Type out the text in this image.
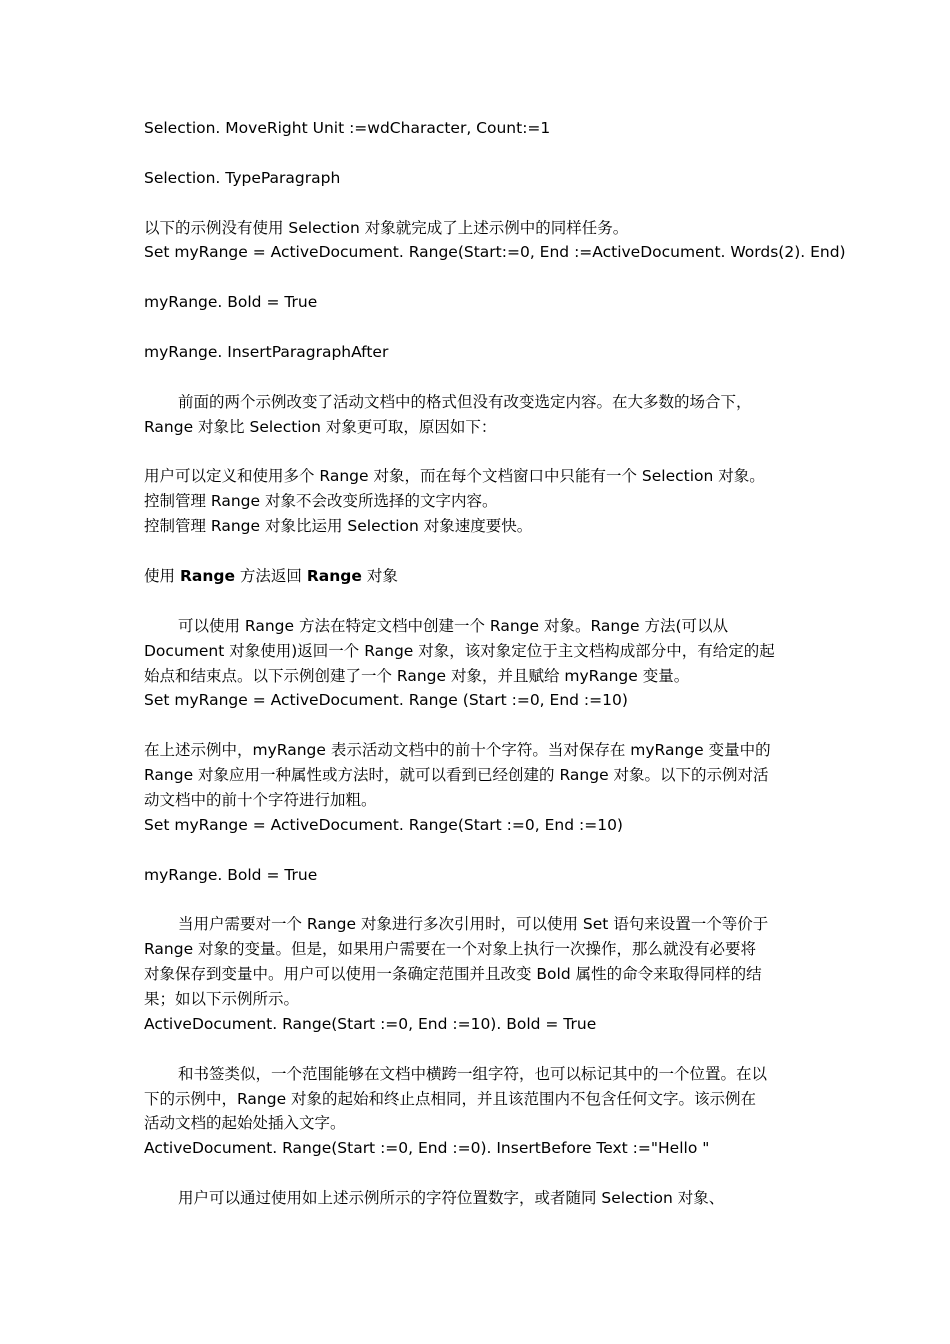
Selection. MoveRight Unit :=wdCharacter, Count:=1
Selection. TypeParagraph
以下的示例没有使用 Selection 对象就完成了上述示例中的同样任务。
Set myRange = ActiveDocument. Range(Start:=0, End :=ActiveDocument. Words(2). End)
myRange. Bold = True
myRange. InsertParagraphAfter
前面的两个示例改变了活动文档中的格式但没有改变选定内容。在大多数的场合下，
Range 对象比 Selection 对象更可取，原因如下：
用户可以定义和使用多个 Range 对象，而在每个文档窗口中只能有一个 Selection 对象。
控制管理 Range 对象不会改变所选择的文字内容。
控制管理 Range 对象比运用 Selection 对象速度要快。
使用 Range 方法返回 Range 对象
可以使用 Range 方法在特定文档中创建一个 Range 对象。Range 方法(可以从
Document 对象使用)返回一个 Range 对象，该对象定位于主文档构成部分中，有给定的起
始点和结束点。以下示例创建了一个 Range 对象，并且赋给 myRange 变量。
Set myRange = ActiveDocument. Range (Start :=0, End :=10)
在上述示例中，myRange 表示活动文档中的前十个字符。当对保存在 myRange 变量中的
Range 对象应用一种属性或方法时，就可以看到已经创建的 Range 对象。以下的示例对活
动文档中的前十个字符进行加粗。
Set myRange = ActiveDocument. Range(Start :=0, End :=10)
myRange. Bold = True
当用户需要对一个 Range 对象进行多次引用时，可以使用 Set 语句来设置一个等价于
Range 对象的变量。但是，如果用户需要在一个对象上执行一次操作，那么就没有必要将
对象保存到变量中。用户可以使用一条确定范围并且改变 Bold 属性的命令来取得同样的结
果；如以下示例所示。
ActiveDocument. Range(Start :=0, End :=10). Bold = True
和书签类似，一个范围能够在文档中横跨一组字符，也可以标记其中的一个位置。在以
下的示例中，Range 对象的起始和终止点相同，并且该范围内不包含任何文字。该示例在
活动文档的起始处插入文字。
ActiveDocument. Range(Start :=0, End :=0). InsertBefore Text :="Hello "
用户可以通过使用如上述示例所示的字符位置数字，或者随同 Selection 对象、
